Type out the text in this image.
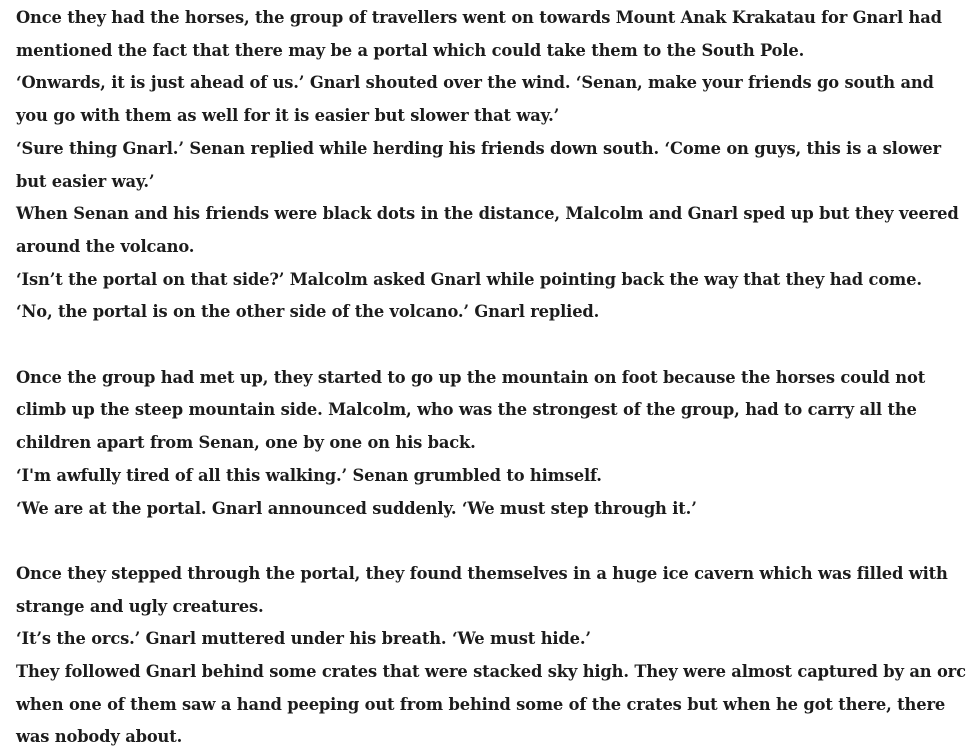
Once they had the horses, the group of travellers went on towards Mount Anak Krakatau for Gnarl had mentioned the fact that there may be a portal which could take them to the South Pole.

‘Onwards, it is just ahead of us.’ Gnarl shouted over the wind. ‘Senan, make your friends go south and you go with them as well for it is easier but slower that way.’

‘Sure thing Gnarl.’ Senan replied while herding his friends down south. ‘Come on guys, this is a slower but easier way.’

When Senan and his friends were black dots in the distance, Malcolm and Gnarl sped up but they veered around the volcano.

‘Isn’t the portal on that side?’ Malcolm asked Gnarl while pointing back the way that they had come.

‘No, the portal is on the other side of the volcano.’ Gnarl replied.

Once the group had met up, they started to go up the mountain on foot because the horses could not climb up the steep mountain side. Malcolm, who was the strongest of the group, had to carry all the children apart from Senan, one by one on his back.

‘I'm awfully tired of all this walking.’ Senan grumbled to himself.

‘We are at the portal. Gnarl announced suddenly. ‘We must step through it.’

Once they stepped through the portal, they found themselves in a huge ice cavern which was filled with strange and ugly creatures.

‘It’s the orcs.’ Gnarl muttered under his breath. ‘We must hide.’

They followed Gnarl behind some crates that were stacked sky high. They were almost captured by an orc when one of them saw a hand peeping out from behind some of the crates but when he got there, there was nobody about.
